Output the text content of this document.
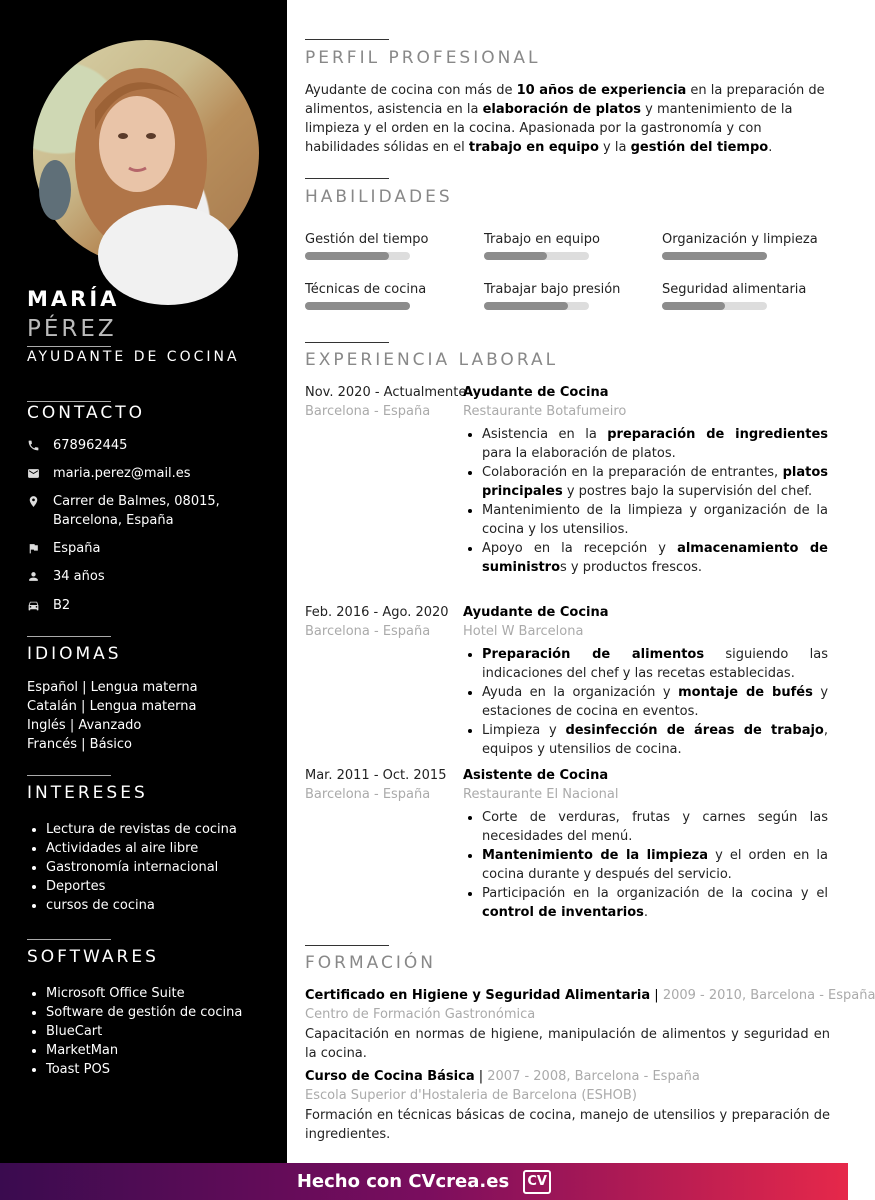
MARÍA
PÉREZ
AYUDANTE DE COCINA
CONTACTO
678962445
maria.perez@mail.es
Carrer de Balmes, 08015, Barcelona, España
España
34 años
B2
IDIOMAS
Español | Lengua materna
Catalán | Lengua materna
Inglés | Avanzado
Francés | Básico
INTERESES
Lectura de revistas de cocina
Actividades al aire libre
Gastronomía internacional
Deportes
cursos de cocina
SOFTWARES
Microsoft Office Suite
Software de gestión de cocina
BlueCart
MarketMan
Toast POS
PERFIL PROFESIONAL
Ayudante de cocina con más de 10 años de experiencia en la preparación de alimentos, asistencia en la elaboración de platos y mantenimiento de la limpieza y el orden en la cocina. Apasionada por la gastronomía y con habilidades sólidas en el trabajo en equipo y la gestión del tiempo.
HABILIDADES
Gestión del tiempo	Trabajo en equipo	Organización y limpieza
Técnicas de cocina	Trabajar bajo presión	Seguridad alimentaria
EXPERIENCIA LABORAL
Nov. 2020 - Actualmente
Barcelona - España
Ayudante de Cocina
Restaurante Botafumeiro
Asistencia en la preparación de ingredientes para la elaboración de platos.
Colaboración en la preparación de entrantes, platos principales y postres bajo la supervisión del chef.
Mantenimiento de la limpieza y organización de la cocina y los utensilios.
Apoyo en la recepción y almacenamiento de suministros y productos frescos.
Feb. 2016 - Ago. 2020
Barcelona - España
Ayudante de Cocina
Hotel W Barcelona
Preparación de alimentos siguiendo las indicaciones del chef y las recetas establecidas.
Ayuda en la organización y montaje de bufés y estaciones de cocina en eventos.
Limpieza y desinfección de áreas de trabajo, equipos y utensilios de cocina.
Mar. 2011 - Oct. 2015
Barcelona - España
Asistente de Cocina
Restaurante El Nacional
Corte de verduras, frutas y carnes según las necesidades del menú.
Mantenimiento de la limpieza y el orden en la cocina durante y después del servicio.
Participación en la organización de la cocina y el control de inventarios.
FORMACIÓN
Certificado en Higiene y Seguridad Alimentaria | 2009 - 2010, Barcelona - España
Centro de Formación Gastronómica
Capacitación en normas de higiene, manipulación de alimentos y seguridad en la cocina.
Curso de Cocina Básica | 2007 - 2008, Barcelona - España
Escola Superior d'Hostaleria de Barcelona (ESHOB)
Formación en técnicas básicas de cocina, manejo de utensilios y preparación de ingredientes.
Hecho con CVcrea.es	CV
